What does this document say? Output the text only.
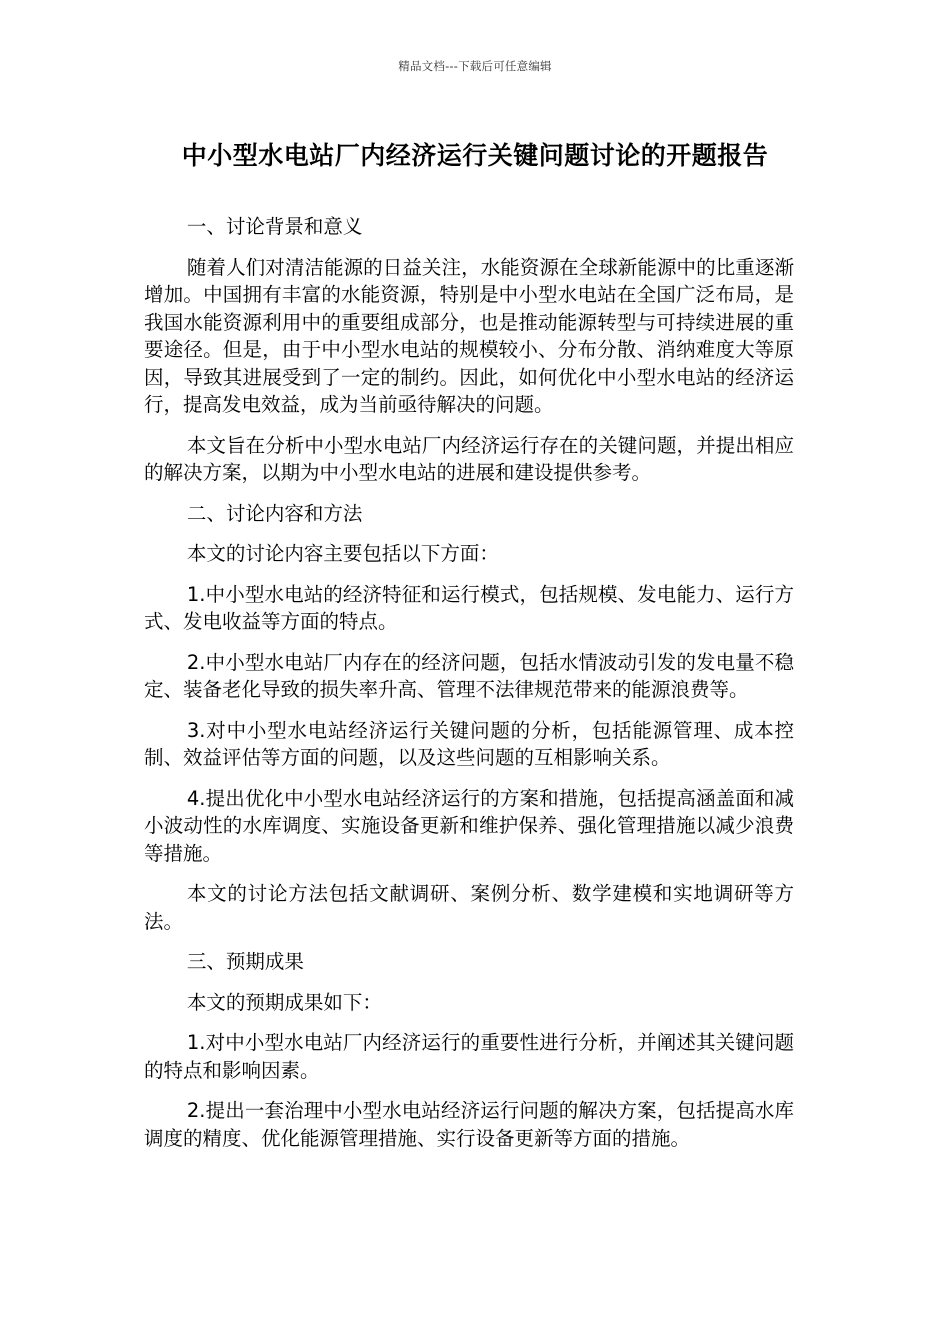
精品文档---下载后可任意编辑
中小型水电站厂内经济运行关键问题讨论的开题报告

一、讨论背景和意义

随着人们对清洁能源的日益关注，水能资源在全球新能源中的比重逐渐增加。中国拥有丰富的水能资源，特别是中小型水电站在全国广泛布局，是我国水能资源利用中的重要组成部分，也是推动能源转型与可持续进展的重要途径。但是，由于中小型水电站的规模较小、分布分散、消纳难度大等原因，导致其进展受到了一定的制约。因此，如何优化中小型水电站的经济运行，提高发电效益，成为当前亟待解决的问题。

本文旨在分析中小型水电站厂内经济运行存在的关键问题，并提出相应的解决方案，以期为中小型水电站的进展和建设提供参考。

二、讨论内容和方法

本文的讨论内容主要包括以下方面：

1.中小型水电站的经济特征和运行模式，包括规模、发电能力、运行方式、发电收益等方面的特点。

2.中小型水电站厂内存在的经济问题，包括水情波动引发的发电量不稳定、装备老化导致的损失率升高、管理不法律规范带来的能源浪费等。

3.对中小型水电站经济运行关键问题的分析，包括能源管理、成本控制、效益评估等方面的问题，以及这些问题的互相影响关系。

4.提出优化中小型水电站经济运行的方案和措施，包括提高涵盖面和减小波动性的水库调度、实施设备更新和维护保养、强化管理措施以减少浪费等措施。

本文的讨论方法包括文献调研、案例分析、数学建模和实地调研等方法。

三、预期成果

本文的预期成果如下：

1.对中小型水电站厂内经济运行的重要性进行分析，并阐述其关键问题的特点和影响因素。

2.提出一套治理中小型水电站经济运行问题的解决方案，包括提高水库调度的精度、优化能源管理措施、实行设备更新等方面的措施。
